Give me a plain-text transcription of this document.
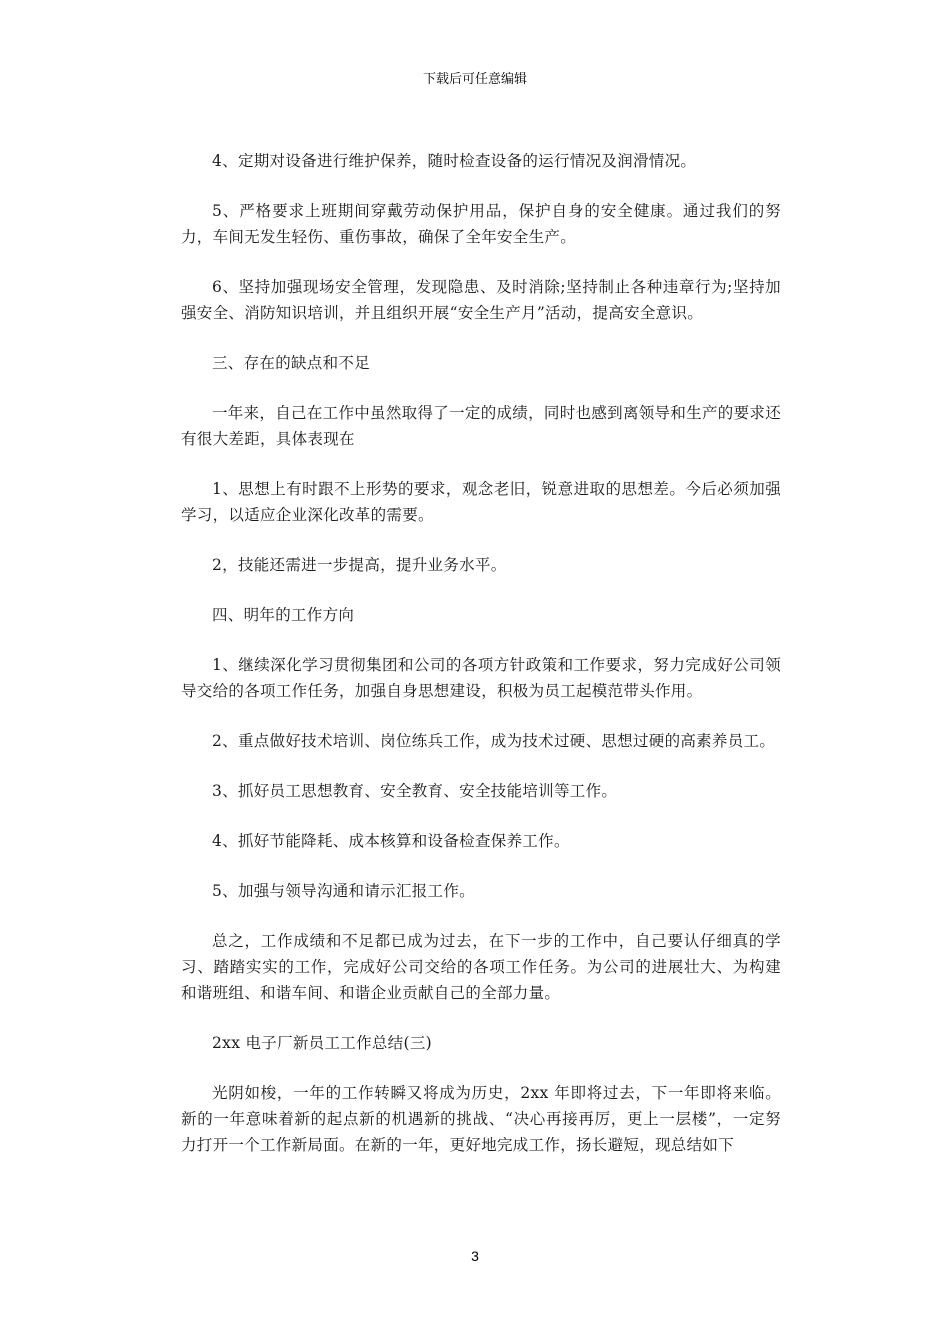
下载后可任意编辑

4、定期对设备进行维护保养，随时检查设备的运行情况及润滑情况。

5、严格要求上班期间穿戴劳动保护用品，保护自身的安全健康。通过我们的努力，车间无发生轻伤、重伤事故，确保了全年安全生产。

6、坚持加强现场安全管理，发现隐患、及时消除;坚持制止各种违章行为;坚持加强安全、消防知识培训，并且组织开展“安全生产月”活动，提高安全意识。

三、存在的缺点和不足

一年来，自己在工作中虽然取得了一定的成绩，同时也感到离领导和生产的要求还有很大差距，具体表现在

1、思想上有时跟不上形势的要求，观念老旧，锐意进取的思想差。今后必须加强学习，以适应企业深化改革的需要。

2，技能还需进一步提高，提升业务水平。

四、明年的工作方向

1、继续深化学习贯彻集团和公司的各项方针政策和工作要求，努力完成好公司领导交给的各项工作任务，加强自身思想建设，积极为员工起模范带头作用。

2、重点做好技术培训、岗位练兵工作，成为技术过硬、思想过硬的高素养员工。

3、抓好员工思想教育、安全教育、安全技能培训等工作。

4、抓好节能降耗、成本核算和设备检查保养工作。

5、加强与领导沟通和请示汇报工作。

总之，工作成绩和不足都已成为过去，在下一步的工作中，自己要认仔细真的学习、踏踏实实的工作，完成好公司交给的各项工作任务。为公司的进展壮大、为构建和谐班组、和谐车间、和谐企业贡献自己的全部力量。

2xx 电子厂新员工工作总结(三)

光阴如梭，一年的工作转瞬又将成为历史，2xx 年即将过去，下一年即将来临。新的一年意味着新的起点新的机遇新的挑战、“决心再接再厉，更上一层楼”，一定努力打开一个工作新局面。在新的一年，更好地完成工作，扬长避短，现总结如下

3
